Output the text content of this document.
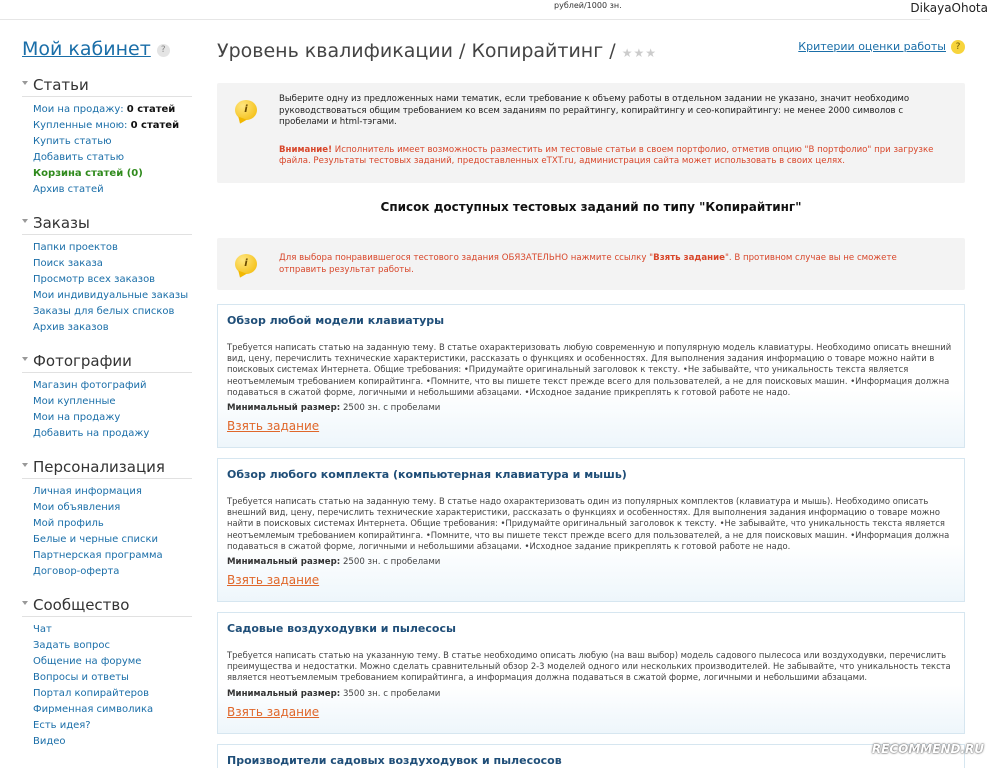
рублей/1000 зн.	DikayaOhota
Мой кабинет ?
Статьи
Мои на продажу: 0 статей
Купленные мною: 0 статей
Купить статью
Добавить статью
Корзина статей (0)
Архив статей
Заказы
Папки проектов
Поиск заказа
Просмотр всех заказов
Мои индивидуальные заказы
Заказы для белых списков
Архив заказов
Фотографии
Магазин фотографий
Мои купленные
Мои на продажу
Добавить на продажу
Персонализация
Личная информация
Мои объявления
Мой профиль
Белые и черные списки
Партнерская программа
Договор-оферта
Сообщество
Чат
Задать вопрос
Общение на форуме
Вопросы и ответы
Портал копирайтеров
Фирменная символика
Есть идея?
Видео
Уровень квалификации / Копирайтинг / ★★★	Критерии оценки работы ?
i
Выберите одну из предложенных нами тематик, если требование к объему работы в отдельном задании не указано, значит необходимо руководствоваться общим требованием ко всем заданиям по рерайтингу, копирайтингу и сео-копирайтингу: не менее 2000 символов с пробелами и html-тэгами.
Внимание! Исполнитель имеет возможность разместить им тестовые статьи в своем портфолио, отметив опцию "В портфолио" при загрузке файла. Результаты тестовых заданий, предоставленных eTXT.ru, администрация сайта может использовать в своих целях.
Список доступных тестовых заданий по типу "Копирайтинг"
i	Для выбора понравившегося тестового задания ОБЯЗАТЕЛЬНО нажмите ссылку "Взять задание". В противном случае вы не сможете отправить результат работы.
Обзор любой модели клавиатуры
Требуется написать статью на заданную тему. В статье охарактеризовать любую современную и популярную модель клавиатуры. Необходимо описать внешний вид, цену, перечислить технические характеристики, рассказать о функциях и особенностях. Для выполнения задания информацию о товаре можно найти в поисковых системах Интернета. Общие требования: •Придумайте оригинальный заголовок к тексту. •Не забывайте, что уникальность текста является неотъемлемым требованием копирайтинга. •Помните, что вы пишете текст прежде всего для пользователей, а не для поисковых машин. •Информация должна подаваться в сжатой форме, логичными и небольшими абзацами. •Исходное задание прикреплять к готовой работе не надо.
Минимальный размер: 2500 зн. с пробелами
Взять задание
Обзор любого комплекта (компьютерная клавиатура и мышь)
Требуется написать статью на заданную тему. В статье надо охарактеризовать один из популярных комплектов (клавиатура и мышь). Необходимо описать внешний вид, цену, перечислить технические характеристики, рассказать о функциях и особенностях. Для выполнения задания информацию о товаре можно найти в поисковых системах Интернета. Общие требования: •Придумайте оригинальный заголовок к тексту. •Не забывайте, что уникальность текста является неотъемлемым требованием копирайтинга. •Помните, что вы пишете текст прежде всего для пользователей, а не для поисковых машин. •Информация должна подаваться в сжатой форме, логичными и небольшими абзацами. •Исходное задание прикреплять к готовой работе не надо.
Минимальный размер: 2500 зн. с пробелами
Взять задание
Садовые воздуходувки и пылесосы
Требуется написать статью на указанную тему. В статье необходимо описать любую (на ваш выбор) модель садового пылесоса или воздуходувки, перечислить преимущества и недостатки. Можно сделать сравнительный обзор 2-3 моделей одного или нескольких производителей. Не забывайте, что уникальность текста является неотъемлемым требованием копирайтинга, а информация должна подаваться в сжатой форме, логичными и небольшими абзацами.
Минимальный размер: 3500 зн. с пробелами
Взять задание
Производители садовых воздуходувок и пылесосов
RECOMMEND.RU
